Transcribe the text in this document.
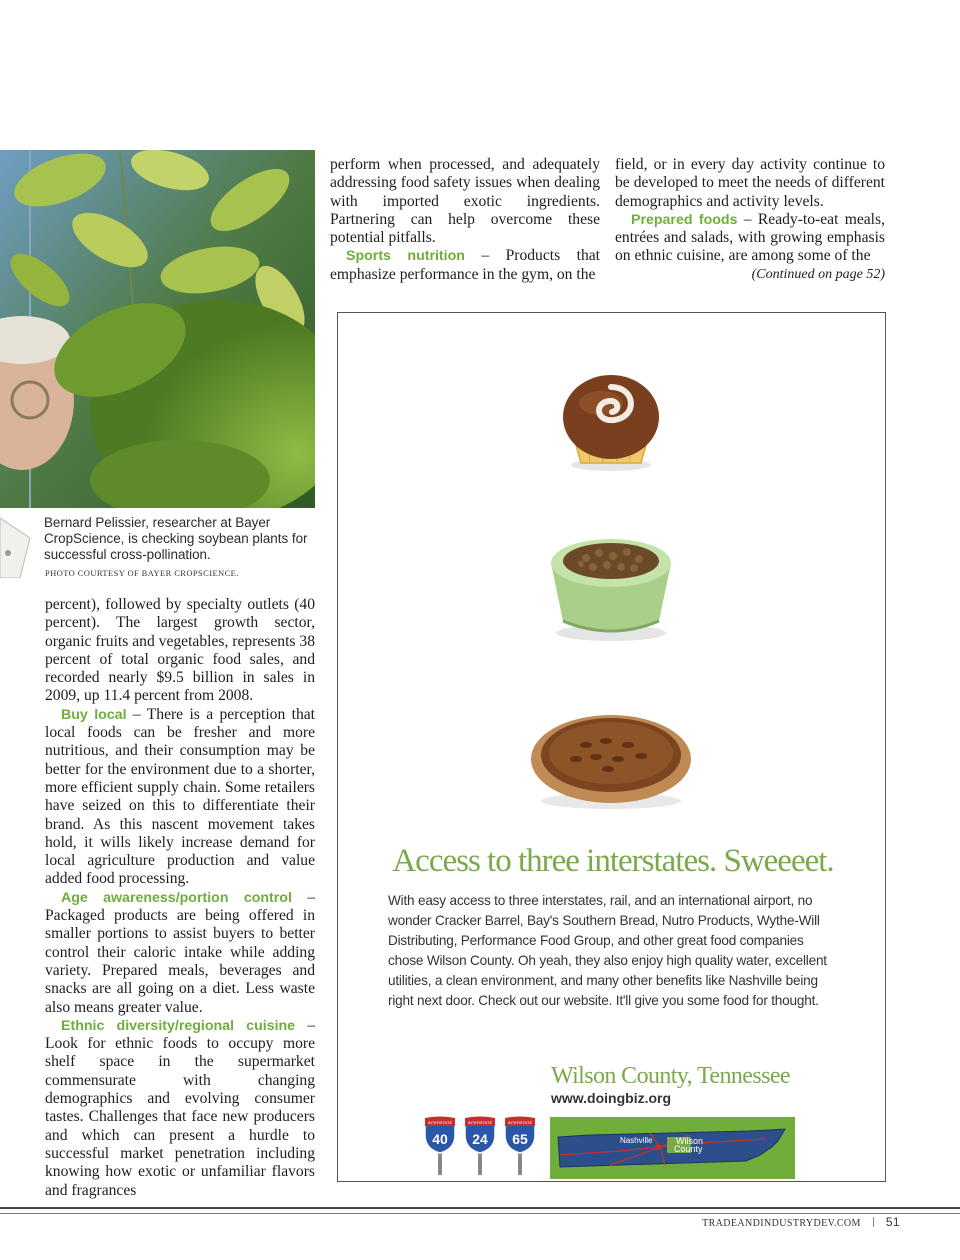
Bernard Pelissier, researcher at Bayer CropScience, is checking soybean plants for successful cross-pollination.
PHOTO COURTESY OF BAYER CROPSCIENCE.

perform when processed, and adequately addressing food safety issues when dealing with imported exotic ingredients. Partnering can help overcome these potential pitfalls.

Sports nutrition – Products that emphasize performance in the gym, on the

field, or in every day activity continue to be developed to meet the needs of different demographics and activity levels.

Prepared foods – Ready-to-eat meals, entrées and salads, with growing emphasis on ethnic cuisine, are among some of the
(Continued on page 52)

percent), followed by specialty outlets (40 percent). The largest growth sector, organic fruits and vegetables, represents 38 percent of total organic food sales, and recorded nearly $9.5 billion in sales in 2009, up 11.4 percent from 2008.

Buy local – There is a perception that local foods can be fresher and more nutritious, and their consumption may be better for the environment due to a shorter, more efficient supply chain. Some retailers have seized on this to differentiate their brand. As this nascent movement takes hold, it wills likely increase demand for local agriculture production and value added food processing.

Age awareness/portion control – Packaged products are being offered in smaller portions to assist buyers to better control their caloric intake while adding variety. Prepared meals, beverages and snacks are all going on a diet. Less waste also means greater value.

Ethnic diversity/regional cuisine – Look for ethnic foods to occupy more shelf space in the supermarket commensurate with changing demographics and evolving consumer tastes. Challenges that face new producers and which can present a hurdle to successful market penetration including knowing how exotic or unfamiliar flavors and fragrances

Access to three interstates. Sweeeet.
With easy access to three interstates, rail, and an international airport, no wonder Cracker Barrel, Bay's Southern Bread, Nutro Products, Wythe-Will Distributing, Performance Food Group, and other great food companies chose Wilson County. Oh yeah, they also enjoy high quality water, excellent utilities, a clean environment, and many other benefits like Nashville being right next door. Check out our website. It'll give you some food for thought.
Wilson County, Tennessee
www.doingbiz.org
INTERSTATE
40
INTERSTATE
24
INTERSTATE
65	Nashville	Wilson
County
TRADEANDINDUSTRYDEV.COM 51
